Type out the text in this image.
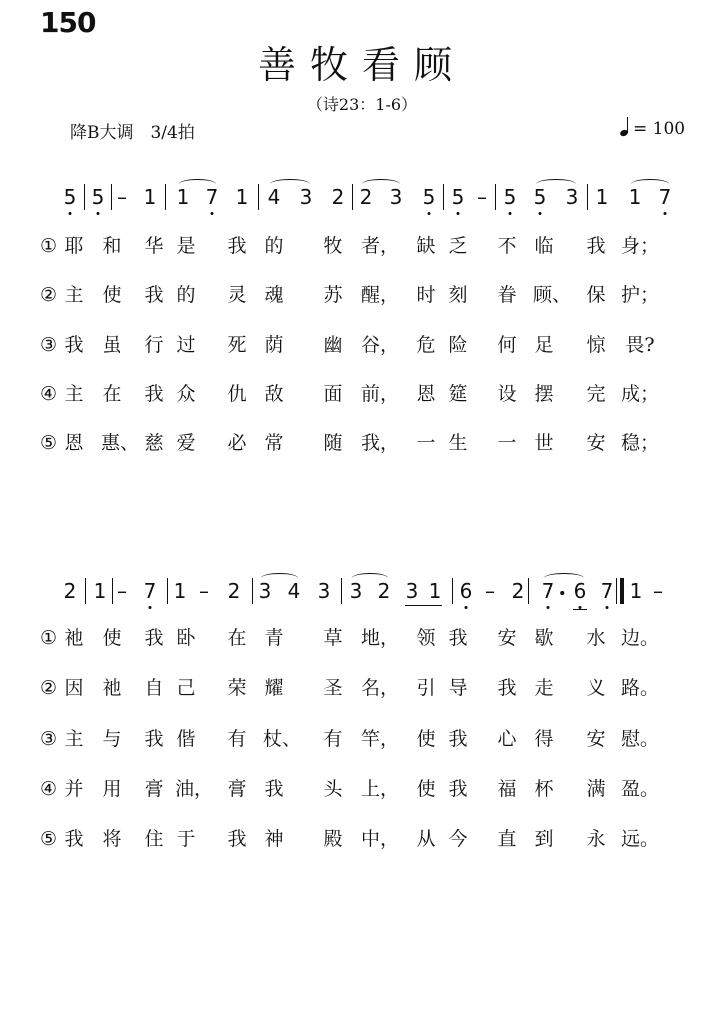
150
善牧看顾
（诗23：1-6）
降B大调　3/4拍	= 100
5 5 – 1 1 7 1 4 3 2 2 3 5 5 – 5 5 3 1 1 7
① 耶 和 华 是 我 的 牧 者， 缺 乏 不 临 我 身；
② 主 使 我 的 灵 魂 苏 醒， 时 刻 眷 顾、 保 护；
③ 我 虽 行 过 死 荫 幽 谷， 危 险 何 足 惊 畏?
④ 主 在 我 众 仇 敌 面 前， 恩 筵 设 摆 完 成；
⑤ 恩 惠、 慈 爱 必 常 随 我， 一 生 一 世 安 稳；
2 1 – 7 1 – 2 3 4 3 3 2 3 1 6 – 2 7 6 7 1 –
① 祂 使 我 卧 在 青 草 地， 领 我 安 歇 水 边。
② 因 祂 自 己 荣 耀 圣 名， 引 导 我 走 义 路。
③ 主 与 我 偕 有 杖、 有 竿， 使 我 心 得 安 慰。
④ 并 用 膏 油， 膏 我 头 上， 使 我 福 杯 满 盈。
⑤ 我 将 住 于 我 神 殿 中， 从 今 直 到 永 远。
